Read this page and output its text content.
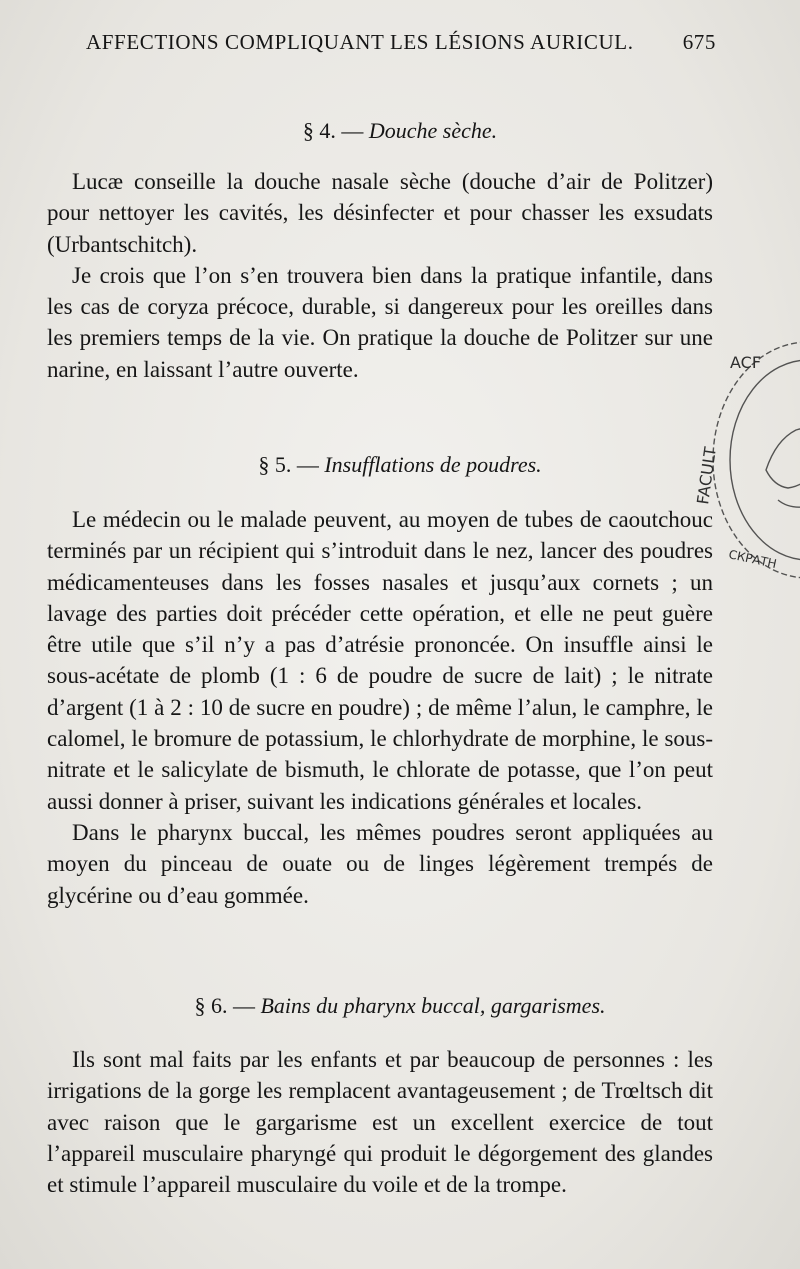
AFFECTIONS COMPLIQUANT LES LÉSIONS AURICUL. 675
§ 4. — Douche sèche.

Lucæ conseille la douche nasale sèche (douche d’air de Politzer) pour nettoyer les cavités, les désinfecter et pour chasser les exsudats (Urbantschitch).

Je crois que l’on s’en trouvera bien dans la pratique infantile, dans les cas de coryza précoce, durable, si dangereux pour les oreilles dans les premiers temps de la vie. On pratique la douche de Politzer sur une narine, en laissant l’autre ouverte.

§ 5. — Insufflations de poudres.

Le médecin ou le malade peuvent, au moyen de tubes de caoutchouc terminés par un récipient qui s’introduit dans le nez, lancer des poudres médicamenteuses dans les fosses nasales et jusqu’aux cornets ; un lavage des parties doit précéder cette opération, et elle ne peut guère être utile que s’il n’y a pas d’atrésie prononcée. On insuffle ainsi le sous-acétate de plomb (1 : 6 de poudre de sucre de lait) ; le nitrate d’argent (1 à 2 : 10 de sucre en poudre) ; de même l’alun, le camphre, le calomel, le bromure de potassium, le chlorhydrate de morphine, le sous-nitrate et le salicylate de bismuth, le chlorate de potasse, que l’on peut aussi donner à priser, suivant les indications générales et locales.

Dans le pharynx buccal, les mêmes poudres seront appliquées au moyen du pinceau de ouate ou de linges légèrement trempés de glycérine ou d’eau gommée.

§ 6. — Bains du pharynx buccal, gargarismes.

Ils sont mal faits par les enfants et par beaucoup de personnes : les irrigations de la gorge les remplacent avantageusement ; de Trœltsch dit avec raison que le gargarisme est un excellent exercice de tout l’appareil musculaire pharyngé qui produit le dégorgement des glandes et stimule l’appareil musculaire du voile et de la trompe.

ACF
FACULT
СКРАТН
